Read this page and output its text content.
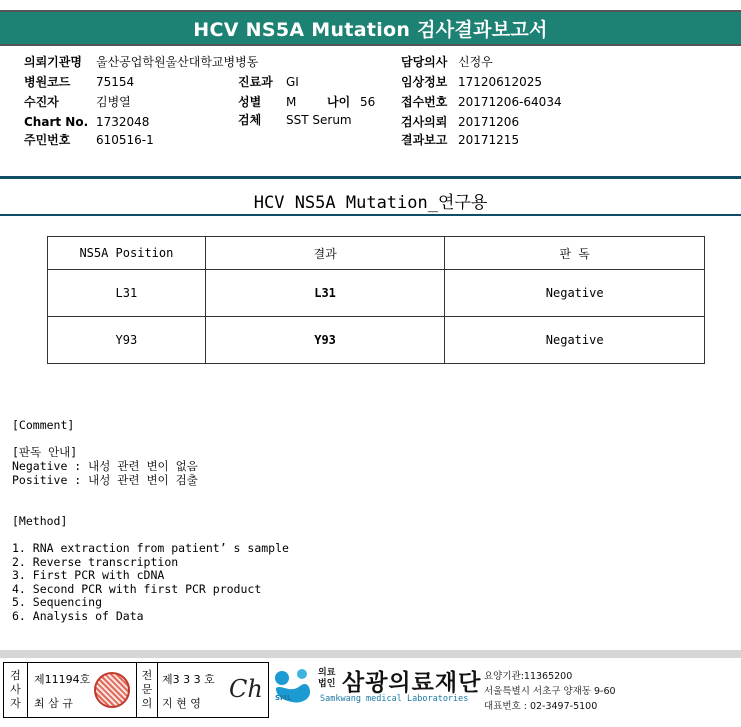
HCV NS5A Mutation 검사결과보고서
의뢰기관명 울산공업학원울산대학교병병동
병원코드 75154
수진자	김병열
Chart No. 1732048
주민번호 610516-1
진료과 GI
성별 M	나이 56
검체 SST Serum
담당의사 신정우
임상정보 17120612025
접수번호 20171206-64034
검사의뢰 20171206
결과보고 20171215
HCV NS5A Mutation_연구용
NS5A Position	결과	판 독
L31	L31	Negative
Y93	Y93	Negative
[Comment]
[판독 안내]
Negative : 내성 관련 변이 없음
Positive : 내성 관련 변이 검출
[Method]
1. RNA extraction from patient’ s sample
2. Reverse transcription
3. First PCR with cDNA
4. Second PCR with first PCR product
5. Sequencing
6. Analysis of Data
검
사
자
제11194호
최 삼 규
전
문
의
제3 3 3 호
지 현 영
Ch SML
의료
법인 삼광의료재단
Samkwang medical Laboratories
요양기관:11365200
서울특별시 서초구 양재동 9-60
대표번호 : 02-3497-5100
